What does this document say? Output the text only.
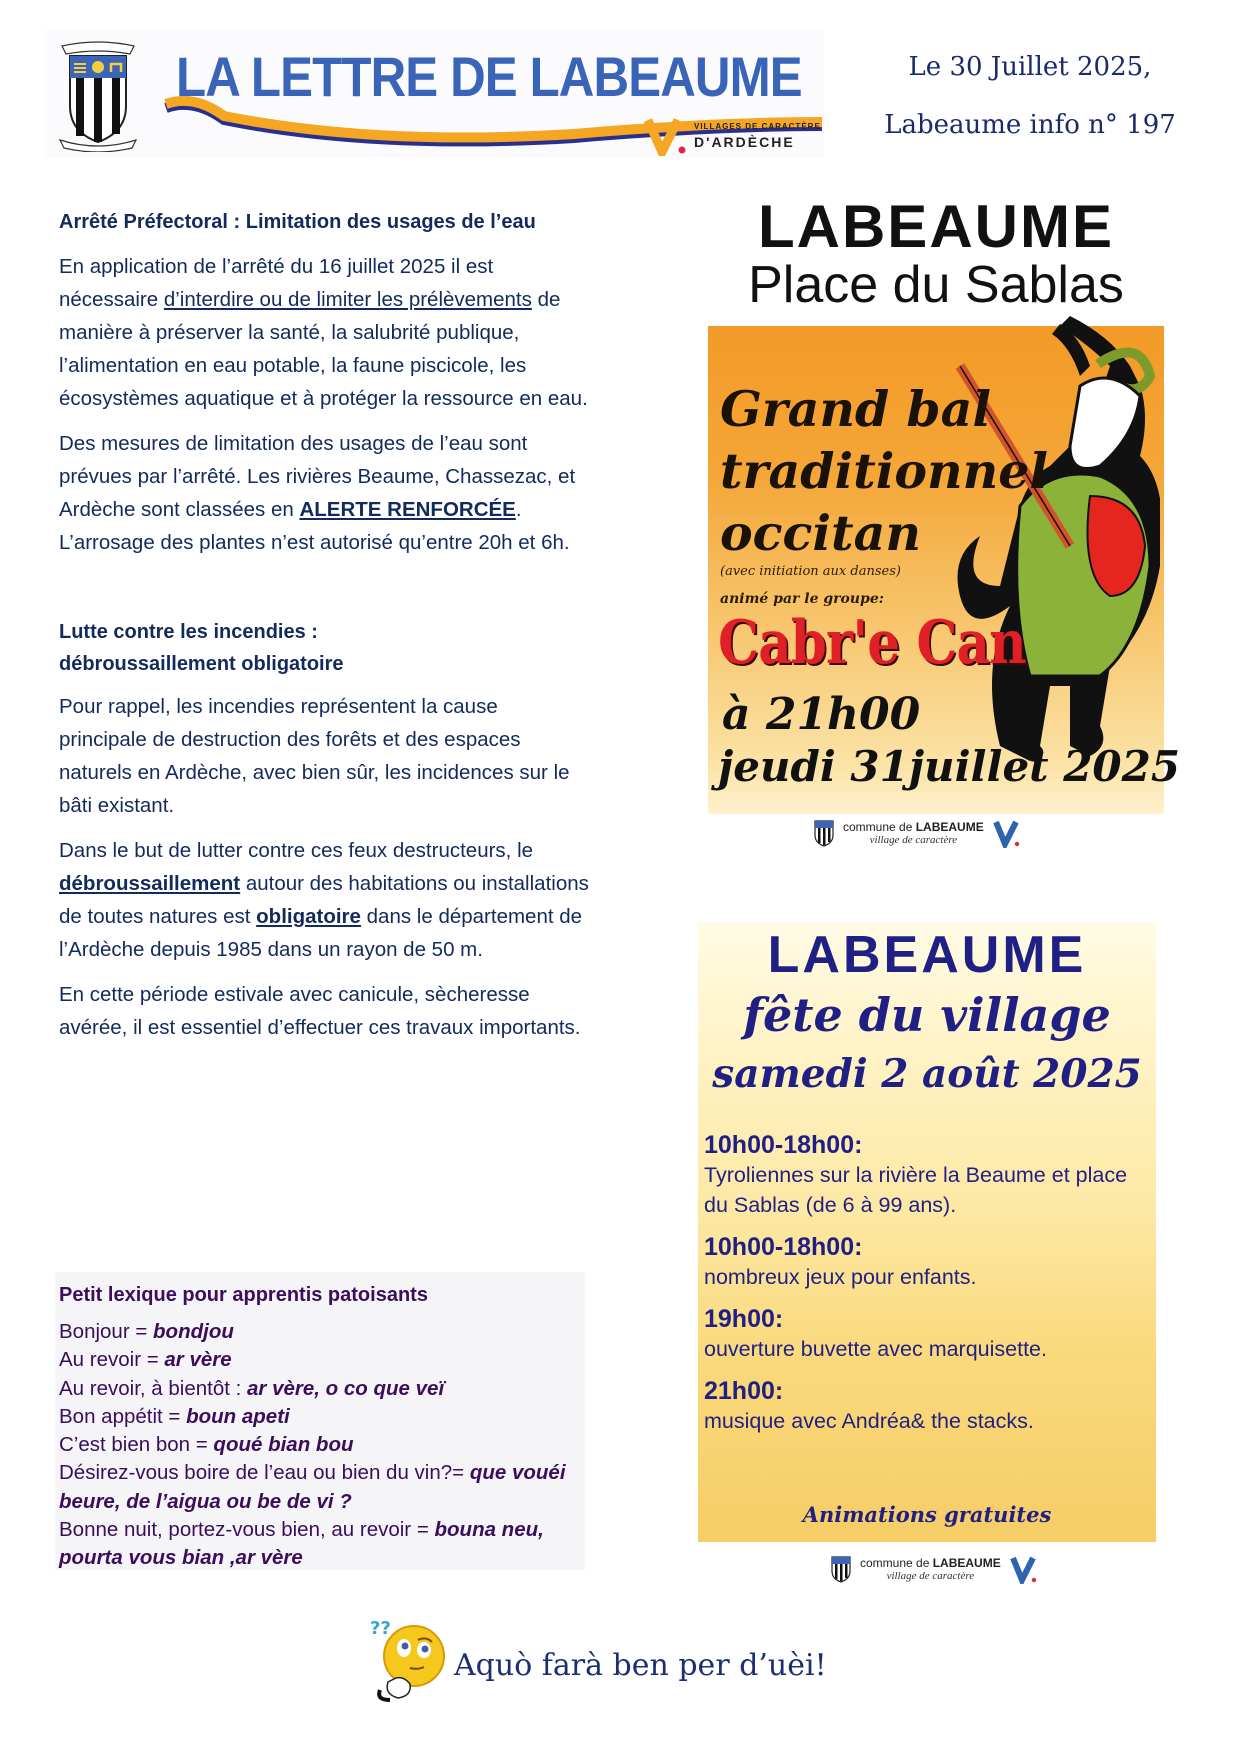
LA LETTRE DE LABEAUME
VILLAGES DE CARACTÈRE
D'ARDÈCHE
Le 30 Juillet 2025,
Labeaume info n° 197
Arrêté Préfectoral : Limitation des usages de l’eau

En application de l’arrêté du 16 juillet 2025 il est nécessaire d’interdire ou de limiter les prélèvements de manière à préserver la santé, la salubrité publique, l’alimentation en eau potable, la faune piscicole, les écosystèmes aquatique et à protéger la ressource en eau.

Des mesures de limitation des usages de l’eau sont prévues par l’arrêté. Les rivières Beaume, Chassezac, et Ardèche sont classées en ALERTE RENFORCÉE. L’arrosage des plantes n’est autorisé qu’entre 20h et 6h.

Lutte contre les incendies :
débroussaillement obligatoire

Pour rappel, les incendies représentent la cause principale de destruction des forêts et des espaces naturels en Ardèche, avec bien sûr, les incidences sur le bâti existant.

Dans le but de lutter contre ces feux destructeurs, le débroussaillement autour des habitations ou installations de toutes natures est obligatoire dans le département de l’Ardèche depuis 1985 dans un rayon de 50 m.

En cette période estivale avec canicule, sècheresse avérée, il est essentiel d’effectuer ces travaux importants.

Petit lexique pour apprentis patoisants
Bonjour = bondjou
Au revoir = ar vère
Au revoir, à bientôt : ar vère, o co que veï
Bon appétit = boun apeti
C’est bien bon = qoué bian bou
Désirez-vous boire de l’eau ou bien du vin?= que vouéi beure, de l’aigua ou be de vi ?
Bonne nuit, portez-vous bien, au revoir = bouna neu, pourta vous bian ,ar vère
LABEAUME
Place du Sablas
Grand bal
traditionnel
occitan
(avec initiation aux danses)
animé par le groupe:
Cabr'e Can
à 21h00
jeudi 31juillet 2025
commune de LABEAUME
village de caractère
LABEAUME
fête du village
samedi 2 août 2025
10h00-18h00:
Tyroliennes sur la rivière la Beaume et place du Sablas (de 6 à 99 ans).
10h00-18h00:
nombreux jeux pour enfants.
19h00:
ouverture buvette avec marquisette.
21h00:
musique avec Andréa& the stacks.
Animations gratuites
commune de LABEAUME
village de caractère
??
Aquò farà ben per d’uèi!
